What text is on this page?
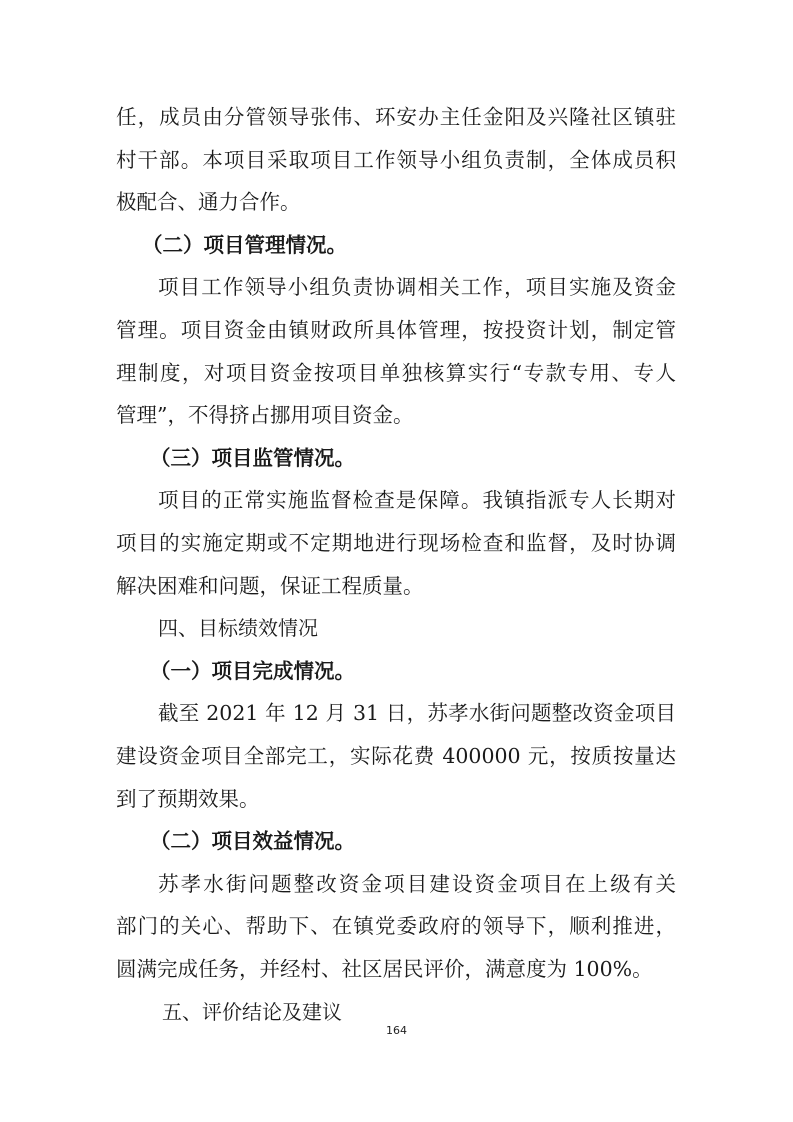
任，成员由分管领导张伟、环安办主任金阳及兴隆社区镇驻
村干部。本项目采取项目工作领导小组负责制，全体成员积
极配合、通力合作。
（二）项目管理情况。
项目工作领导小组负责协调相关工作，项目实施及资金
管理。项目资金由镇财政所具体管理，按投资计划，制定管
理制度，对项目资金按项目单独核算实行“专款专用、专人
管理”，不得挤占挪用项目资金。
（三）项目监管情况。
项目的正常实施监督检查是保障。我镇指派专人长期对
项目的实施定期或不定期地进行现场检查和监督，及时协调
解决困难和问题，保证工程质量。
四、目标绩效情况
（一）项目完成情况。
截至 2021 年 12 月 31 日，苏孝水街问题整改资金项目
建设资金项目全部完工，实际花费 400000 元，按质按量达
到了预期效果。
（二）项目效益情况。
苏孝水街问题整改资金项目建设资金项目在上级有关
部门的关心、帮助下、在镇党委政府的领导下，顺利推进，
圆满完成任务，并经村、社区居民评价，满意度为 100%。
五、评价结论及建议
164
